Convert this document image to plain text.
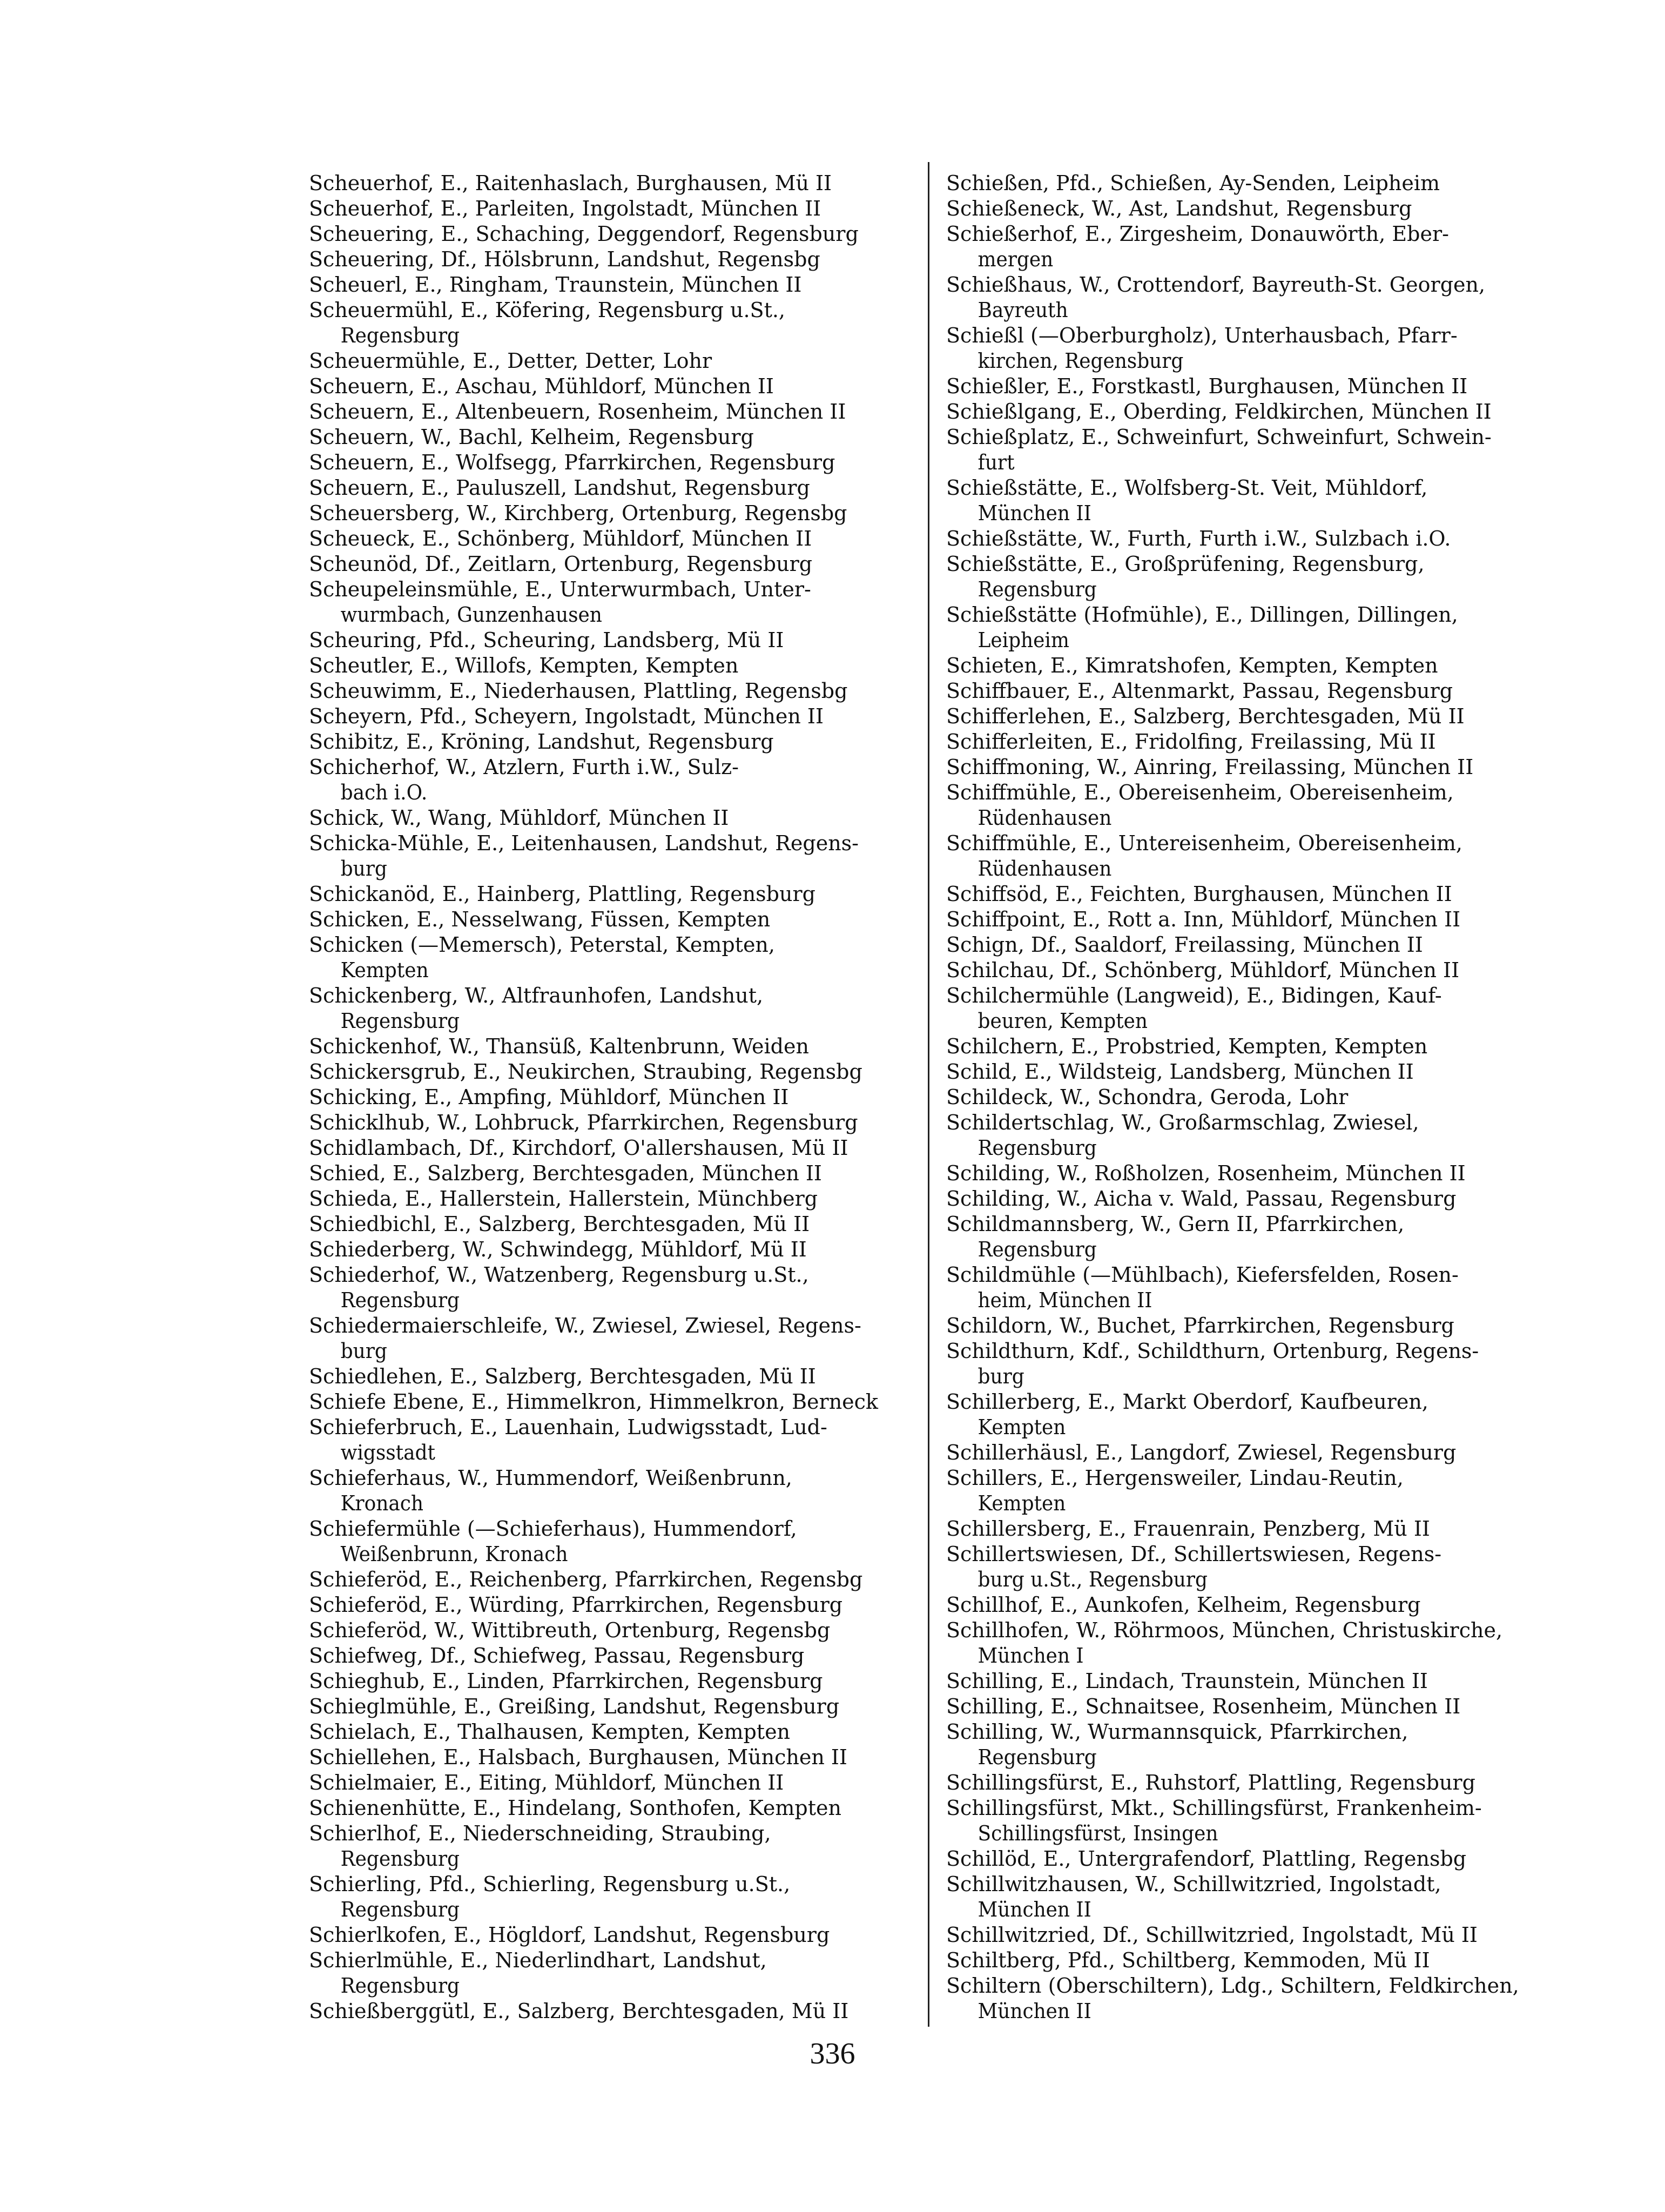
Scheuerhof, E., Raitenhaslach, Burghausen, Mü II
Scheuerhof, E., Parleiten, Ingolstadt, München II
Scheuering, E., Schaching, Deggendorf, Regensburg
Scheuering, Df., Hölsbrunn, Landshut, Regensbg
Scheuerl, E., Ringham, Traunstein, München II
Scheuermühl, E., Köfering, Regensburg u.St.,
Regensburg
Scheuermühle, E., Detter, Detter, Lohr
Scheuern, E., Aschau, Mühldorf, München II
Scheuern, E., Altenbeuern, Rosenheim, München II
Scheuern, W., Bachl, Kelheim, Regensburg
Scheuern, E., Wolfsegg, Pfarrkirchen, Regensburg
Scheuern, E., Pauluszell, Landshut, Regensburg
Scheuersberg, W., Kirchberg, Ortenburg, Regensbg
Scheueck, E., Schönberg, Mühldorf, München II
Scheunöd, Df., Zeitlarn, Ortenburg, Regensburg
Scheupeleinsmühle, E., Unterwurmbach, Unter-
wurmbach, Gunzenhausen
Scheuring, Pfd., Scheuring, Landsberg, Mü II
Scheutler, E., Willofs, Kempten, Kempten
Scheuwimm, E., Niederhausen, Plattling, Regensbg
Scheyern, Pfd., Scheyern, Ingolstadt, München II
Schibitz, E., Kröning, Landshut, Regensburg
Schicherhof, W., Atzlern, Furth i.W., Sulz-
bach i.O.
Schick, W., Wang, Mühldorf, München II
Schicka-Mühle, E., Leitenhausen, Landshut, Regens-
burg
Schickanöd, E., Hainberg, Plattling, Regensburg
Schicken, E., Nesselwang, Füssen, Kempten
Schicken (—Memersch), Peterstal, Kempten,
Kempten
Schickenberg, W., Altfraunhofen, Landshut,
Regensburg
Schickenhof, W., Thansüß, Kaltenbrunn, Weiden
Schickersgrub, E., Neukirchen, Straubing, Regensbg
Schicking, E., Ampfing, Mühldorf, München II
Schicklhub, W., Lohbruck, Pfarrkirchen, Regensburg
Schidlambach, Df., Kirchdorf, O'allershausen, Mü II
Schied, E., Salzberg, Berchtesgaden, München II
Schieda, E., Hallerstein, Hallerstein, Münchberg
Schiedbichl, E., Salzberg, Berchtesgaden, Mü II
Schiederberg, W., Schwindegg, Mühldorf, Mü II
Schiederhof, W., Watzenberg, Regensburg u.St.,
Regensburg
Schiedermaierschleife, W., Zwiesel, Zwiesel, Regens-
burg
Schiedlehen, E., Salzberg, Berchtesgaden, Mü II
Schiefe Ebene, E., Himmelkron, Himmelkron, Berneck
Schieferbruch, E., Lauenhain, Ludwigsstadt, Lud-
wigsstadt
Schieferhaus, W., Hummendorf, Weißenbrunn,
Kronach
Schiefermühle (—Schieferhaus), Hummendorf,
Weißenbrunn, Kronach
Schieferöd, E., Reichenberg, Pfarrkirchen, Regensbg
Schieferöd, E., Würding, Pfarrkirchen, Regensburg
Schieferöd, W., Wittibreuth, Ortenburg, Regensbg
Schiefweg, Df., Schiefweg, Passau, Regensburg
Schieghub, E., Linden, Pfarrkirchen, Regensburg
Schieglmühle, E., Greißing, Landshut, Regensburg
Schielach, E., Thalhausen, Kempten, Kempten
Schiellehen, E., Halsbach, Burghausen, München II
Schielmaier, E., Eiting, Mühldorf, München II
Schienenhütte, E., Hindelang, Sonthofen, Kempten
Schierlhof, E., Niederschneiding, Straubing,
Regensburg
Schierling, Pfd., Schierling, Regensburg u.St.,
Regensburg
Schierlkofen, E., Högldorf, Landshut, Regensburg
Schierlmühle, E., Niederlindhart, Landshut,
Regensburg
Schießberggütl, E., Salzberg, Berchtesgaden, Mü II
Schießen, Pfd., Schießen, Ay-Senden, Leipheim
Schießeneck, W., Ast, Landshut, Regensburg
Schießerhof, E., Zirgesheim, Donauwörth, Eber-
mergen
Schießhaus, W., Crottendorf, Bayreuth-St. Georgen,
Bayreuth
Schießl (—Oberburgholz), Unterhausbach, Pfarr-
kirchen, Regensburg
Schießler, E., Forstkastl, Burghausen, München II
Schießlgang, E., Oberding, Feldkirchen, München II
Schießplatz, E., Schweinfurt, Schweinfurt, Schwein-
furt
Schießstätte, E., Wolfsberg-St. Veit, Mühldorf,
München II
Schießstätte, W., Furth, Furth i.W., Sulzbach i.O.
Schießstätte, E., Großprüfening, Regensburg,
Regensburg
Schießstätte (Hofmühle), E., Dillingen, Dillingen,
Leipheim
Schieten, E., Kimratshofen, Kempten, Kempten
Schiffbauer, E., Altenmarkt, Passau, Regensburg
Schifferlehen, E., Salzberg, Berchtesgaden, Mü II
Schifferleiten, E., Fridolfing, Freilassing, Mü II
Schiffmoning, W., Ainring, Freilassing, München II
Schiffmühle, E., Obereisenheim, Obereisenheim,
Rüdenhausen
Schiffmühle, E., Untereisenheim, Obereisenheim,
Rüdenhausen
Schiffsöd, E., Feichten, Burghausen, München II
Schiffpoint, E., Rott a. Inn, Mühldorf, München II
Schign, Df., Saaldorf, Freilassing, München II
Schilchau, Df., Schönberg, Mühldorf, München II
Schilchermühle (Langweid), E., Bidingen, Kauf-
beuren, Kempten
Schilchern, E., Probstried, Kempten, Kempten
Schild, E., Wildsteig, Landsberg, München II
Schildeck, W., Schondra, Geroda, Lohr
Schildertschlag, W., Großarmschlag, Zwiesel,
Regensburg
Schilding, W., Roßholzen, Rosenheim, München II
Schilding, W., Aicha v. Wald, Passau, Regensburg
Schildmannsberg, W., Gern II, Pfarrkirchen,
Regensburg
Schildmühle (—Mühlbach), Kiefersfelden, Rosen-
heim, München II
Schildorn, W., Buchet, Pfarrkirchen, Regensburg
Schildthurn, Kdf., Schildthurn, Ortenburg, Regens-
burg
Schillerberg, E., Markt Oberdorf, Kaufbeuren,
Kempten
Schillerhäusl, E., Langdorf, Zwiesel, Regensburg
Schillers, E., Hergensweiler, Lindau-Reutin,
Kempten
Schillersberg, E., Frauenrain, Penzberg, Mü II
Schillertswiesen, Df., Schillertswiesen, Regens-
burg u.St., Regensburg
Schillhof, E., Aunkofen, Kelheim, Regensburg
Schillhofen, W., Röhrmoos, München, Christuskirche,
München I
Schilling, E., Lindach, Traunstein, München II
Schilling, E., Schnaitsee, Rosenheim, München II
Schilling, W., Wurmannsquick, Pfarrkirchen,
Regensburg
Schillingsfürst, E., Ruhstorf, Plattling, Regensburg
Schillingsfürst, Mkt., Schillingsfürst, Frankenheim-
Schillingsfürst, Insingen
Schillöd, E., Untergrafendorf, Plattling, Regensbg
Schillwitzhausen, W., Schillwitzried, Ingolstadt,
München II
Schillwitzried, Df., Schillwitzried, Ingolstadt, Mü II
Schiltberg, Pfd., Schiltberg, Kemmoden, Mü II
Schiltern (Oberschiltern), Ldg., Schiltern, Feldkirchen,
München II
336
